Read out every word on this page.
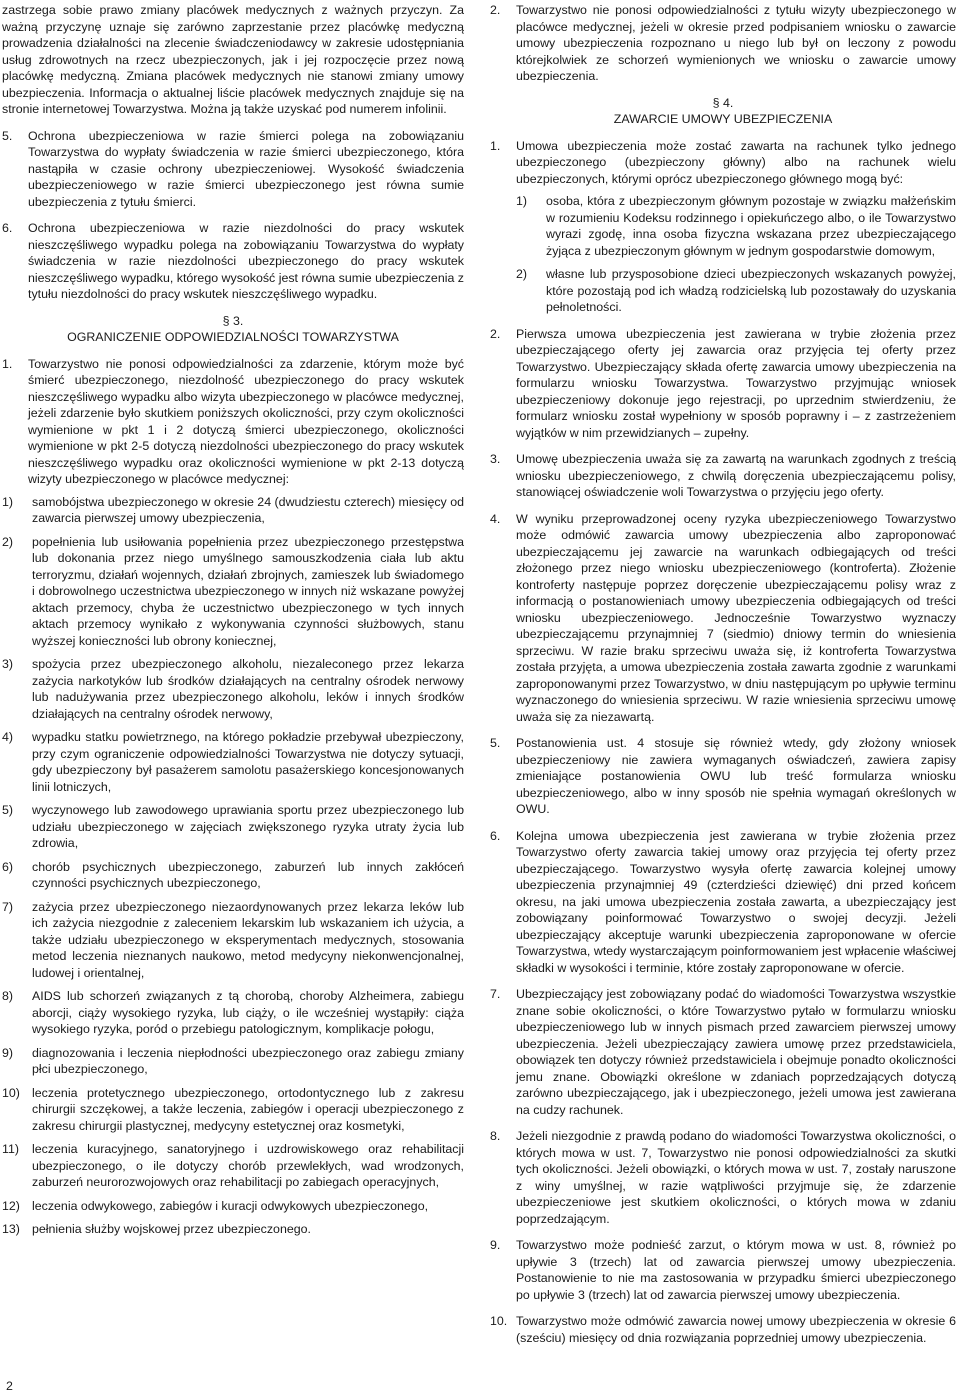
zastrzega sobie prawo zmiany placówek medycznych z ważnych przyczyn. Za ważną przyczynę uznaje się zarówno zaprzestanie przez placówkę medyczną prowadzenia działalności na zlecenie świadczeniodawcy w zakresie udostępniania usług zdrowotnych na rzecz ubezpieczonych, jak i jej rozpoczęcie przez nową placówkę medyczną. Zmiana placówek medycznych nie stanowi zmiany umowy ubezpieczenia. Informacja o aktualnej liście placówek medycznych znajduje się na stronie internetowej Towarzystwa. Można ją także uzyskać pod numerem infolinii.

5. Ochrona ubezpieczeniowa w razie śmierci polega na zobowiązaniu Towarzystwa do wypłaty świadczenia w razie śmierci ubezpieczonego, która nastąpiła w czasie ochrony ubezpieczeniowej. Wysokość świadczenia ubezpieczeniowego w razie śmierci ubezpieczonego jest równa sumie ubezpieczenia z tytułu śmierci.
6. Ochrona ubezpieczeniowa w razie niezdolności do pracy wskutek nieszczęśliwego wypadku polega na zobowiązaniu Towarzystwa do wypłaty świadczenia w razie niezdolności ubezpieczonego do pracy wskutek nieszczęśliwego wypadku, którego wysokość jest równa sumie ubezpieczenia z tytułu niezdolności do pracy wskutek nieszczęśliwego wypadku.
§ 3.
OGRANICZENIE ODPOWIEDZIALNOŚCI TOWARZYSTWA
1. Towarzystwo nie ponosi odpowiedzialności za zdarzenie, którym może być śmierć ubezpieczonego, niezdolność ubezpieczonego do pracy wskutek nieszczęśliwego wypadku albo wizyta ubezpieczonego w placówce medycznej, jeżeli zdarzenie było skutkiem poniższych okoliczności, przy czym okoliczności wymienione w pkt 1 i 2 dotyczą śmierci ubezpieczonego, okoliczności wymienione w pkt 2-5 dotyczą niezdolności ubezpieczonego do pracy wskutek nieszczęśliwego wypadku oraz okoliczności wymienione w pkt 2-13 dotyczą wizyty ubezpieczonego w placówce medycznej:
1) samobójstwa ubezpieczonego w okresie 24 (dwudziestu czterech) miesięcy od zawarcia pierwszej umowy ubezpieczenia,
2) popełnienia lub usiłowania popełnienia przez ubezpieczonego przestępstwa lub dokonania przez niego umyślnego samouszkodzenia ciała lub aktu terroryzmu, działań wojennych, działań zbrojnych, zamieszek lub świadomego i dobrowolnego uczestnictwa ubezpieczonego w innych niż wskazane powyżej aktach przemocy, chyba że uczestnictwo ubezpieczonego w tych innych aktach przemocy wynikało z wykonywania czynności służbowych, stanu wyższej konieczności lub obrony koniecznej,
3) spożycia przez ubezpieczonego alkoholu, niezaleconego przez lekarza zażycia narkotyków lub środków działających na centralny ośrodek nerwowy lub nadużywania przez ubezpieczonego alkoholu, leków i innych środków działających na centralny ośrodek nerwowy,
4) wypadku statku powietrznego, na którego pokładzie przebywał ubezpieczony, przy czym ograniczenie odpowiedzialności Towarzystwa nie dotyczy sytuacji, gdy ubezpieczony był pasażerem samolotu pasażerskiego koncesjonowanych linii lotniczych,
5) wyczynowego lub zawodowego uprawiania sportu przez ubezpieczonego lub udziału ubezpieczonego w zajęciach zwiększonego ryzyka utraty życia lub zdrowia,
6) chorób psychicznych ubezpieczonego, zaburzeń lub innych zakłóceń czynności psychicznych ubezpieczonego,
7) zażycia przez ubezpieczonego niezaordynowanych przez lekarza leków lub ich zażycia niezgodnie z zaleceniem lekarskim lub wskazaniem ich użycia, a także udziału ubezpieczonego w eksperymentach medycznych, stosowania metod leczenia nieznanych naukowo, metod medycyny niekonwencjonalnej, ludowej i orientalnej,
8) AIDS lub schorzeń związanych z tą chorobą, choroby Alzheimera, zabiegu aborcji, ciąży wysokiego ryzyka, lub ciąży, o ile wcześniej wystąpiły: ciąża wysokiego ryzyka, poród o przebiegu patologicznym, komplikacje połogu,
9) diagnozowania i leczenia niepłodności ubezpieczonego oraz zabiegu zmiany płci ubezpieczonego,
10) leczenia protetycznego ubezpieczonego, ortodontycznego lub z zakresu chirurgii szczękowej, a także leczenia, zabiegów i operacji ubezpieczonego z zakresu chirurgii plastycznej, medycyny estetycznej oraz kosmetyki,
11) leczenia kuracyjnego, sanatoryjnego i uzdrowiskowego oraz rehabilitacji ubezpieczonego, o ile dotyczy chorób przewlekłych, wad wrodzonych, zaburzeń neurorozwojowych oraz rehabilitacji po zabiegach operacyjnych,
12) leczenia odwykowego, zabiegów i kuracji odwykowych ubezpieczonego,
13) pełnienia służby wojskowej przez ubezpieczonego.
2. Towarzystwo nie ponosi odpowiedzialności z tytułu wizyty ubezpieczonego w placówce medycznej, jeżeli w okresie przed podpisaniem wniosku o zawarcie umowy ubezpieczenia rozpoznano u niego lub był on leczony z powodu którejkolwiek ze schorzeń wymienionych we wniosku o zawarcie umowy ubezpieczenia.
§ 4.
ZAWARCIE UMOWY UBEZPIECZENIA
1. Umowa ubezpieczenia może zostać zawarta na rachunek tylko jednego ubezpieczonego (ubezpieczony główny) albo na rachunek wielu ubezpieczonych, którymi oprócz ubezpieczonego głównego mogą być:
1) osoba, która z ubezpieczonym głównym pozostaje w związku małżeńskim w rozumieniu Kodeksu rodzinnego i opiekuńczego albo, o ile Towarzystwo wyrazi zgodę, inna osoba fizyczna wskazana przez ubezpieczającego żyjąca z ubezpieczonym głównym w jednym gospodarstwie domowym,
2) własne lub przysposobione dzieci ubezpieczonych wskazanych powyżej, które pozostają pod ich władzą rodzicielską lub pozostawały do uzyskania pełnoletności.
2. Pierwsza umowa ubezpieczenia jest zawierana w trybie złożenia przez ubezpieczającego oferty jej zawarcia oraz przyjęcia tej oferty przez Towarzystwo. Ubezpieczający składa ofertę zawarcia umowy ubezpieczenia na formularzu wniosku Towarzystwa. Towarzystwo przyjmując wniosek ubezpieczeniowy dokonuje jego rejestracji, po uprzednim stwierdzeniu, że formularz wniosku został wypełniony w sposób poprawny i – z zastrzeżeniem wyjątków w nim przewidzianych – zupełny.
3. Umowę ubezpieczenia uważa się za zawartą na warunkach zgodnych z treścią wniosku ubezpieczeniowego, z chwilą doręczenia ubezpieczającemu polisy, stanowiącej oświadczenie woli Towarzystwa o przyjęciu jego oferty.
4. W wyniku przeprowadzonej oceny ryzyka ubezpieczeniowego Towarzystwo może odmówić zawarcia umowy ubezpieczenia albo zaproponować ubezpieczającemu jej zawarcie na warunkach odbiegających od treści złożonego przez niego wniosku ubezpieczeniowego (kontroferta). Złożenie kontroferty następuje poprzez doręczenie ubezpieczającemu polisy wraz z informacją o postanowieniach umowy ubezpieczenia odbiegających od treści wniosku ubezpieczeniowego. Jednocześnie Towarzystwo wyznaczy ubezpieczającemu przynajmniej 7 (siedmio) dniowy termin do wniesienia sprzeciwu. W razie braku sprzeciwu uważa się, iż kontroferta Towarzystwa została przyjęta, a umowa ubezpieczenia została zawarta zgodnie z warunkami zaproponowanymi przez Towarzystwo, w dniu następującym po upływie terminu wyznaczonego do wniesienia sprzeciwu. W razie wniesienia sprzeciwu umowę uważa się za niezawartą.
5. Postanowienia ust. 4 stosuje się również wtedy, gdy złożony wniosek ubezpieczeniowy nie zawiera wymaganych oświadczeń, zawiera zapisy zmieniające postanowienia OWU lub treść formularza wniosku ubezpieczeniowego, albo w inny sposób nie spełnia wymagań określonych w OWU.
6. Kolejna umowa ubezpieczenia jest zawierana w trybie złożenia przez Towarzystwo oferty zawarcia takiej umowy oraz przyjęcia tej oferty przez ubezpieczającego. Towarzystwo wysyła ofertę zawarcia kolejnej umowy ubezpieczenia przynajmniej 49 (czterdzieści dziewięć) dni przed końcem okresu, na jaki umowa ubezpieczenia została zawarta, a ubezpieczający jest zobowiązany poinformować Towarzystwo o swojej decyzji. Jeżeli ubezpieczający akceptuje warunki ubezpieczenia zaproponowane w ofercie Towarzystwa, wtedy wystarczającym poinformowaniem jest wpłacenie właściwej składki w wysokości i terminie, które zostały zaproponowane w ofercie.
7. Ubezpieczający jest zobowiązany podać do wiadomości Towarzystwa wszystkie znane sobie okoliczności, o które Towarzystwo pytało w formularzu wniosku ubezpieczeniowego lub w innych pismach przed zawarciem pierwszej umowy ubezpieczenia. Jeżeli ubezpieczający zawiera umowę przez przedstawiciela, obowiązek ten dotyczy również przedstawiciela i obejmuje ponadto okoliczności jemu znane. Obowiązki określone w zdaniach poprzedzających dotyczą zarówno ubezpieczającego, jak i ubezpieczonego, jeżeli umowa jest zawierana na cudzy rachunek.
8. Jeżeli niezgodnie z prawdą podano do wiadomości Towarzystwa okoliczności, o których mowa w ust. 7, Towarzystwo nie ponosi odpowiedzialności za skutki tych okoliczności. Jeżeli obowiązki, o których mowa w ust. 7, zostały naruszone z winy umyślnej, w razie wątpliwości przyjmuje się, że zdarzenie ubezpieczeniowe jest skutkiem okoliczności, o których mowa w zdaniu poprzedzającym.
9. Towarzystwo może podnieść zarzut, o którym mowa w ust. 8, również po upływie 3 (trzech) lat od zawarcia pierwszej umowy ubezpieczenia. Postanowienie to nie ma zastosowania w przypadku śmierci ubezpieczonego po upływie 3 (trzech) lat od zawarcia pierwszej umowy ubezpieczenia.
10. Towarzystwo może odmówić zawarcia nowej umowy ubezpieczenia w okresie 6 (sześciu) miesięcy od dnia rozwiązania poprzedniej umowy ubezpieczenia.
2
